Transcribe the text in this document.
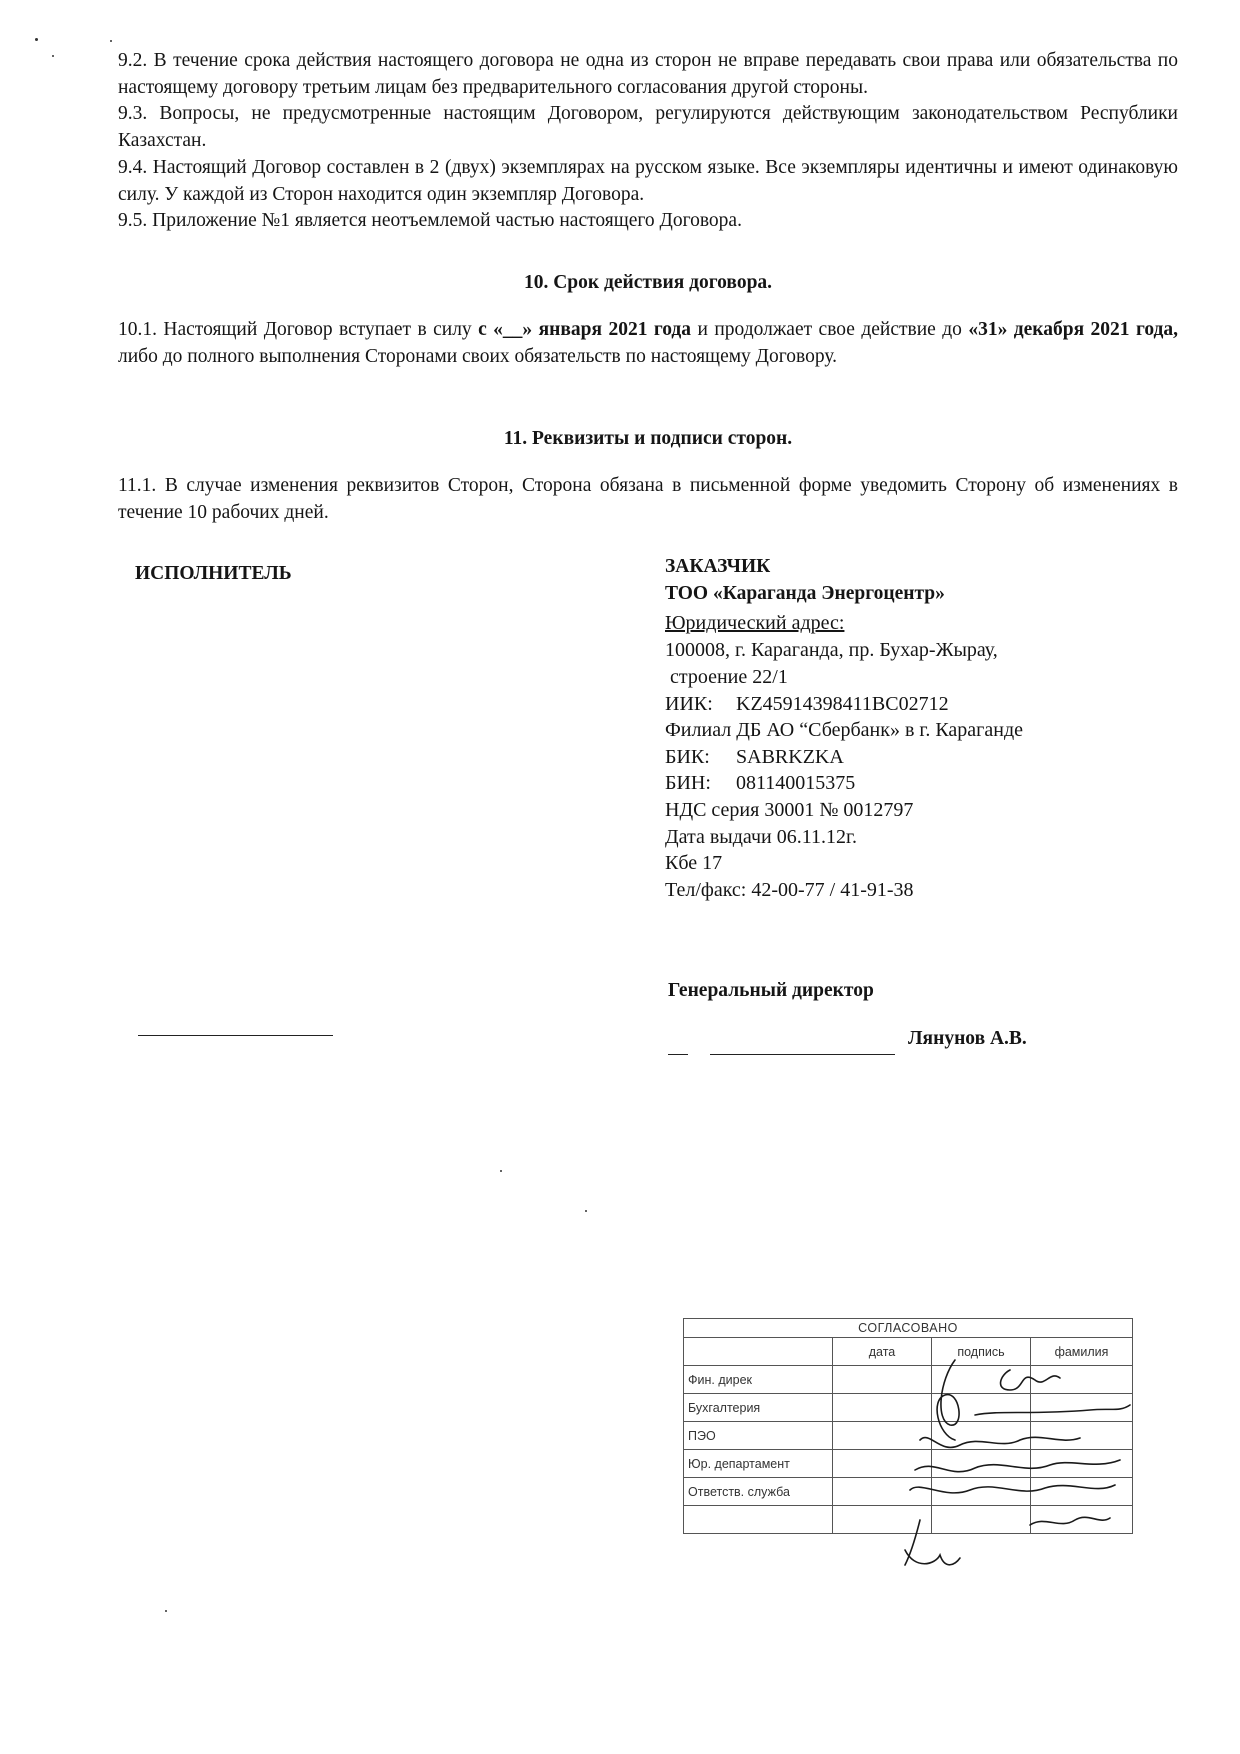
9.2. В течение срока действия настоящего договора не одна из сторон не вправе передавать свои права или обязательства по настоящему договору третьим лицам без предварительного согласования другой стороны.

9.3. Вопросы, не предусмотренные настоящим Договором, регулируются действующим законодательством Республики Казахстан.

9.4. Настоящий Договор составлен в 2 (двух) экземплярах на русском языке. Все экземпляры идентичны и имеют одинаковую силу. У каждой из Сторон находится один экземпляр Договора.

9.5. Приложение №1 является неотъемлемой частью настоящего Договора.

10. Срок действия договора.

10.1. Настоящий Договор вступает в силу с «__» января 2021 года и продолжает свое действие до «31» декабря 2021 года, либо до полного выполнения Сторонами своих обязательств по настоящему Договору.

11. Реквизиты и подписи сторон.

11.1. В случае изменения реквизитов Сторон, Сторона обязана в письменной форме уведомить Сторону об изменениях в течение 10 рабочих дней.

ИСПОЛНИТЕЛЬ	ЗАКАЗЧИК

ТОО «Караганда Энергоцентр»

Юридический адрес:

100008, г. Караганда, пр. Бухар-Жырау,

строение 22/1

ИИК: KZ45914398411BC02712

Филиал ДБ АО “Сбербанк» в г. Караганде

БИК: SABRKZKA

БИН: 081140015375

НДС серия 30001 № 0012797

Дата выдачи 06.11.12г.

Кбе 17

Тел/факс: 42-00-77 / 41-91-38

Генеральный директор

Лянунов А.В.

СОГЛАСОВАНО
	дата	подпись	фамилия
Фин. дирек			
Бухгалтерия			
ПЭО			
Юр. департамент			
Ответств. служба			
